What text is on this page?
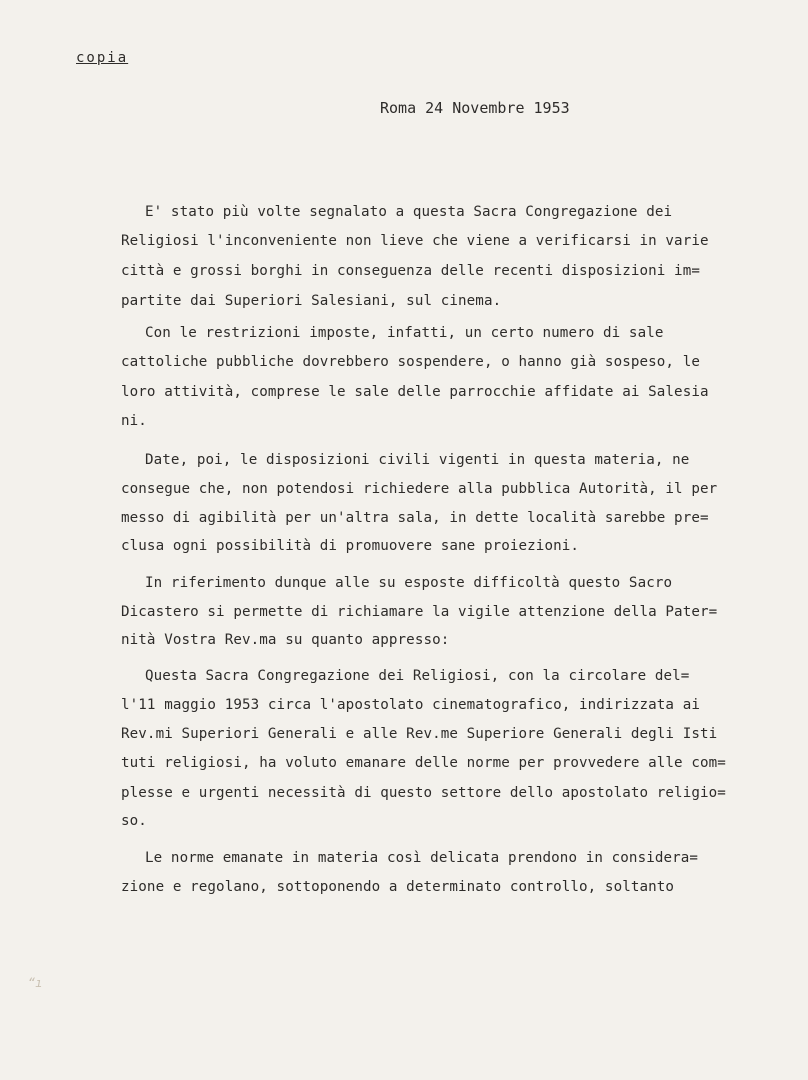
copia
Roma 24 Novembre 1953
E' stato più volte segnalato a questa Sacra Congregazione dei
Religiosi l'inconveniente non lieve che viene a verificarsi in varie
città e grossi borghi in conseguenza delle recenti disposizioni im=
partite dai Superiori Salesiani, sul cinema.
Con le restrizioni imposte, infatti, un certo numero di sale
cattoliche pubbliche dovrebbero sospendere, o hanno già sospeso, le
loro attività, comprese le sale delle parrocchie affidate ai Salesia
ni.
Date, poi, le disposizioni civili vigenti in questa materia, ne
consegue che, non potendosi richiedere alla pubblica Autorità, il per
messo di agibilità per un'altra sala, in dette località sarebbe pre=
clusa ogni possibilità di promuovere sane proiezioni.
In riferimento dunque alle su esposte difficoltà questo Sacro
Dicastero si permette di richiamare la vigile attenzione della Pater=
nità Vostra Rev.ma su quanto appresso:
Questa Sacra Congregazione dei Religiosi, con la circolare del=
l'11 maggio 1953 circa l'apostolato cinematografico, indirizzata ai
Rev.mi Superiori Generali e alle Rev.me Superiore Generali degli Isti
tuti religiosi, ha voluto emanare delle norme per provvedere alle com=
plesse e urgenti necessità di questo settore dello apostolato religio=
so.
Le norme emanate in materia così delicata prendono in considera=
zione e regolano, sottoponendo a determinato controllo, soltanto
“ı
